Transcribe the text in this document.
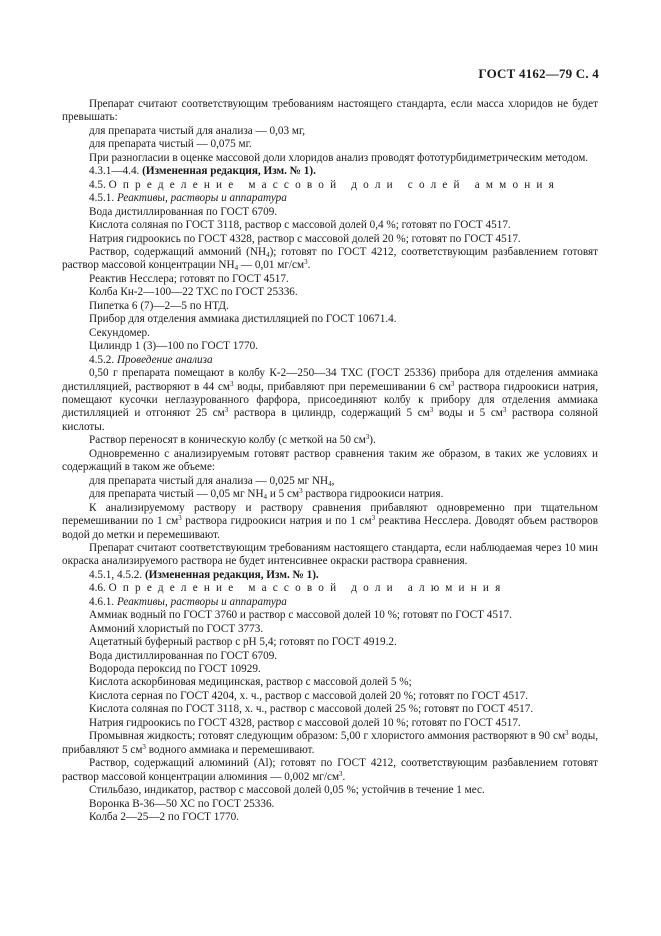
ГОСТ 4162—79 С. 4

Препарат считают соответствующим требованиям настоящего стандарта, если масса хлоридов не будет превышать:

для препарата чистый для анализа — 0,03 мг,

для препарата чистый — 0,075 мг.

При разногласии в оценке массовой доли хлоридов анализ проводят фототурбидиметрическим методом.

4.3.1—4.4. (Измененная редакция, Изм. № 1).

4.5. Определение массовой доли солей аммония

4.5.1. Реактивы, растворы и аппаратура

Вода дистиллированная по ГОСТ 6709.

Кислота соляная по ГОСТ 3118, раствор с массовой долей 0,4 %; готовят по ГОСТ 4517.

Натрия гидроокись по ГОСТ 4328, раствор с массовой долей 20 %; готовят по ГОСТ 4517.

Раствор, содержащий аммоний $(NH_4)$; готовят по ГОСТ 4212, соответствующим разбавлением готовят раствор массовой концентрации $NH_4$ — 0,01 $мг/см^3$.

Реактив Несслера; готовят по ГОСТ 4517.

Колба Кн-2—100—22 ТХС по ГОСТ 25336.

Пипетка 6 (7)—2—5 по НТД.

Прибор для отделения аммиака дистилляцией по ГОСТ 10671.4.

Секундомер.

Цилиндр 1 (3)—100 по ГОСТ 1770.

4.5.2. Проведение анализа

0,50 г препарата помещают в колбу К-2—250—34 ТХС (ГОСТ 25336) прибора для отделения аммиака дистилляцией, растворяют в 44 $см^3$ воды, прибавляют при перемешивании 6 $см^3$ раствора гидроокиси натрия, помещают кусочки неглазурованного фарфора, присоединяют колбу к прибору для отделения аммиака дистилляцией и отгоняют 25 $см^3$ раствора в цилиндр, содержащий 5 $см^3$ воды и 5 $см^3$ раствора соляной кислоты.

Раствор переносят в коническую колбу (с меткой на 50 $см^3$).

Одновременно с анализируемым готовят раствор сравнения таким же образом, в таких же условиях и содержащий в таком же объеме:

для препарата чистый для анализа — 0,025 мг $NH_4$,

для препарата чистый — 0,05 мг $NH_4$ и 5 $см^3$ раствора гидроокиси натрия.

К анализируемому раствору и раствору сравнения прибавляют одновременно при тщательном перемешивании по 1 $см^3$ раствора гидроокиси натрия и по 1 $см^3$ реактива Несслера. Доводят объем растворов водой до метки и перемешивают.

Препарат считают соответствующим требованиям настоящего стандарта, если наблюдаемая через 10 мин окраска анализируемого раствора не будет интенсивнее окраски раствора сравнения.

4.5.1, 4.5.2. (Измененная редакция, Изм. № 1).

4.6. Определение массовой доли алюминия

4.6.1. Реактивы, растворы и аппаратура

Аммиак водный по ГОСТ 3760 и раствор с массовой долей 10 %; готовят по ГОСТ 4517.

Аммоний хлористый по ГОСТ 3773.

Ацетатный буферный раствор с рН 5,4; готовят по ГОСТ 4919.2.

Вода дистиллированная по ГОСТ 6709.

Водорода пероксид по ГОСТ 10929.

Кислота аскорбиновая медицинская, раствор с массовой долей 5 %;

Кислота серная по ГОСТ 4204, х. ч., раствор с массовой долей 20 %; готовят по ГОСТ 4517.

Кислота соляная по ГОСТ 3118, х. ч., раствор с массовой долей 25 %; готовят по ГОСТ 4517.

Натрия гидроокись по ГОСТ 4328, раствор с массовой долей 10 %; готовят по ГОСТ 4517.

Промывная жидкость; готовят следующим образом: 5,00 г хлористого аммония растворяют в 90 $см^3$ воды, прибавляют 5 $см^3$ водного аммиака и перемешивают.

Раствор, содержащий алюминий (Al); готовят по ГОСТ 4212, соответствующим разбавлением готовят раствор массовой концентрации алюминия — 0,002 $мг/см^3$.

Стильбазо, индикатор, раствор с массовой долей 0,05 %; устойчив в течение 1 мес.

Воронка В-36—50 ХС по ГОСТ 25336.

Колба 2—25—2 по ГОСТ 1770.
